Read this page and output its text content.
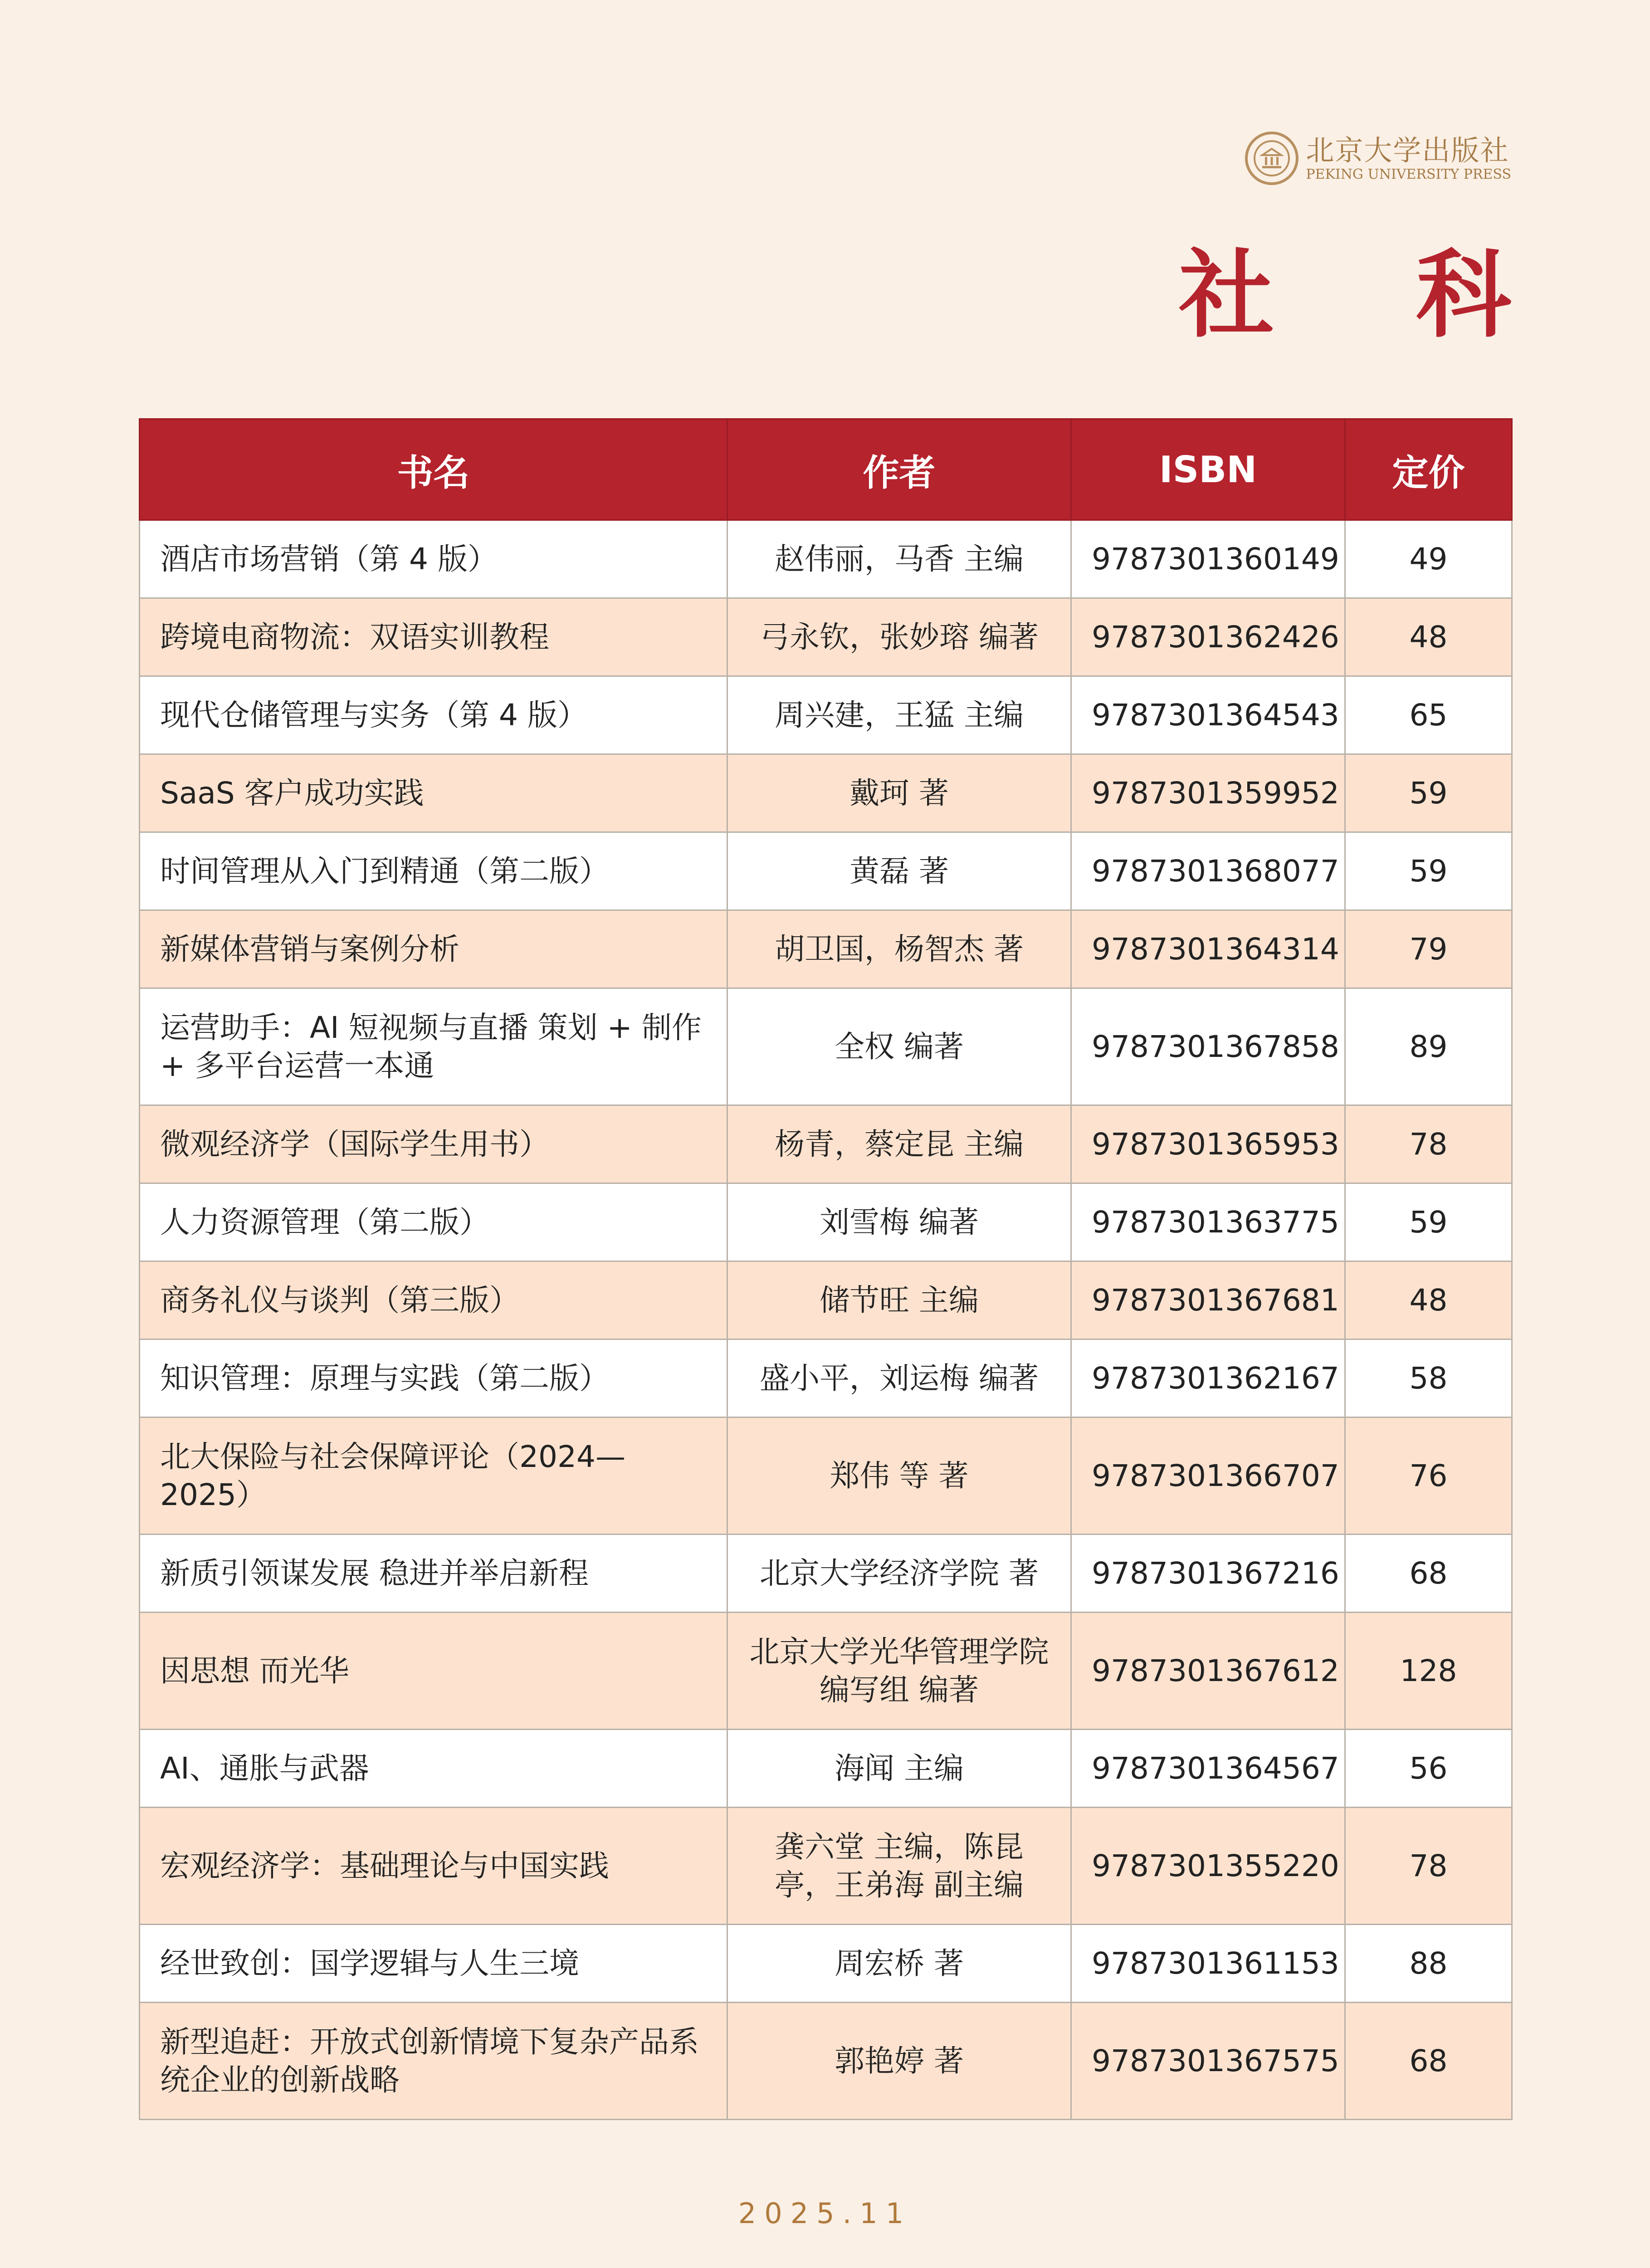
北京大学出版社
PEKING UNIVERSITY PRESS
社 科
书名	作者	ISBN	定价
酒店市场营销（第 4 版）	赵伟丽，马香 主编	9787301360149	49
跨境电商物流：双语实训教程	弓永钦，张妙瑢 编著	9787301362426	48
现代仓储管理与实务（第 4 版）	周兴建，王猛 主编	9787301364543	65
SaaS 客户成功实践	戴珂 著	9787301359952	59
时间管理从入门到精通（第二版）	黄磊 著	9787301368077	59
新媒体营销与案例分析	胡卫国，杨智杰 著	9787301364314	79
运营助手：AI 短视频与直播 策划 + 制作 + 多平台运营一本通	全权 编著	9787301367858	89
微观经济学（国际学生用书）	杨青，蔡定昆 主编	9787301365953	78
人力资源管理（第二版）	刘雪梅 编著	9787301363775	59
商务礼仪与谈判（第三版）	储节旺 主编	9787301367681	48
知识管理：原理与实践（第二版）	盛小平，刘运梅 编著	9787301362167	58
北大保险与社会保障评论（2024—2025）	郑伟 等 著	9787301366707	76
新质引领谋发展 稳进并举启新程	北京大学经济学院 著	9787301367216	68
因思想 而光华	北京大学光华管理学院编写组 编著	9787301367612	128
AI、通胀与武器	海闻 主编	9787301364567	56
宏观经济学：基础理论与中国实践	龚六堂 主编，陈昆亭，王弟海 副主编	9787301355220	78
经世致创：国学逻辑与人生三境	周宏桥 著	9787301361153	88
新型追赶：开放式创新情境下复杂产品系统企业的创新战略	郭艳婷 著	9787301367575	68
2025.11
